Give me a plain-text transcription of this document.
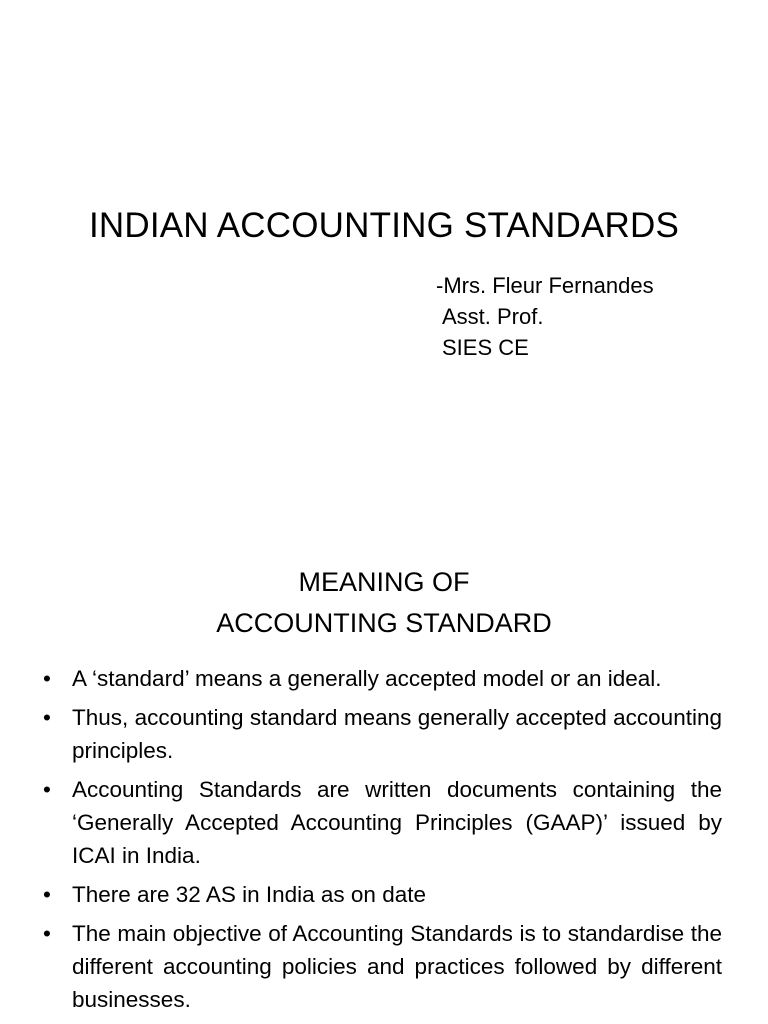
INDIAN ACCOUNTING STANDARDS
-Mrs. Fleur Fernandes
Asst. Prof.
SIES CE
MEANING OF
ACCOUNTING STANDARD
• A ‘standard’ means a generally accepted model or an ideal.
• Thus, accounting standard means generally accepted accounting principles.
• Accounting Standards are written documents containing the ‘Generally Accepted Accounting Principles (GAAP)’ issued by ICAI in India.
• There are 32 AS in India as on date
• The main objective of Accounting Standards is to standardise the different accounting policies and practices followed by different businesses.
